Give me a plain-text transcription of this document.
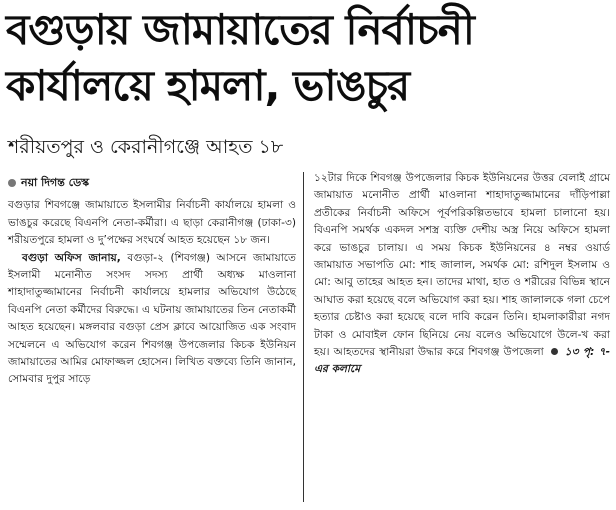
বগুড়ায় জামায়াতের নির্বাচনী
কার্যালয়ে হামলা, ভাঙচুর
শরীয়তপুর ও কেরানীগঞ্জে আহত ১৮
নয়া দিগন্ত ডেস্ক

বগুড়ার শিবগঞ্জে জামায়াতে ইসলামীর নির্বাচনী কার্যালয়ে হামলা ও ভাঙচুর করেছে বিএনপি নেতা-কর্মীরা। এ ছাড়া কেরানীগঞ্জ (ঢাকা-৩) শরীয়তপুরে হামলা ও দু’পক্ষের সংঘর্ষে আহত হয়েছেন ১৮ জন।

বগুড়া অফিস জানায়, বগুড়া-২ (শিবগঞ্জ) আসনে জামায়াতে ইসলামী মনোনীত সংসদ সদস্য প্রার্থী অধ্যক্ষ মাওলানা শাহাদাতুজ্জামানের নির্বাচনী কার্যালয়ে হামলার অভিযোগ উঠেছে বিএনপি নেতা কর্মীদের বিরুদ্ধে। এ ঘটনায় জামায়াতের তিন নেতাকর্মী আহত হয়েছেন। মঙ্গলবার বগুড়া প্রেস ক্লাবে আয়োজিত এক সংবাদ সম্মেলনে এ অভিযোগ করেন শিবগঞ্জ উপজেলার কিচক ইউনিয়ন জামায়াতের আমির মোফাজ্জল হোসেন। লিখিত বক্তব্যে তিনি জানান, সোমবার দুপুর সাড়ে

১২টার দিকে শিবগঞ্জ উপজেলার কিচক ইউনিয়নের উত্তর বেলাই গ্রামে জামায়াত মনোনীত প্রার্থী মাওলানা শাহাদাতুজ্জামানের দাঁড়িপাল্লা প্রতীকের নির্বাচনী অফিসে পূর্বপরিকল্পিতভাবে হামলা চালানো হয়। বিএনপি সমর্থক একদল সশস্ত্র ব্যক্তি দেশীয় অস্ত্র নিয়ে অফিসে হামলা করে ভাঙচুর চালায়। এ সময় কিচক ইউনিয়নের ৪ নম্বর ওয়ার্ড জামায়াত সভাপতি মো: শাহ জালাল, সমর্থক মো: রশিদুল ইসলাম ও মো: আবু তাহের আহত হন। তাদের মাথা, হাত ও শরীরের বিভিন্ন স্থানে আঘাত করা হয়েছে বলে অভিযোগ করা হয়। শাহ জালালকে গলা চেপে হত্যার চেষ্টাও করা হয়েছে বলে দাবি করেন তিনি। হামলাকারীরা নগদ টাকা ও মোবাইল ফোন ছিনিয়ে নেয় বলেও অভিযোগে উলে-খ করা হয়। আহতদের স্থানীয়রা উদ্ধার করে শিবগঞ্জ উপজেলা ১৩ পৃ: ৭-এর কলামে
